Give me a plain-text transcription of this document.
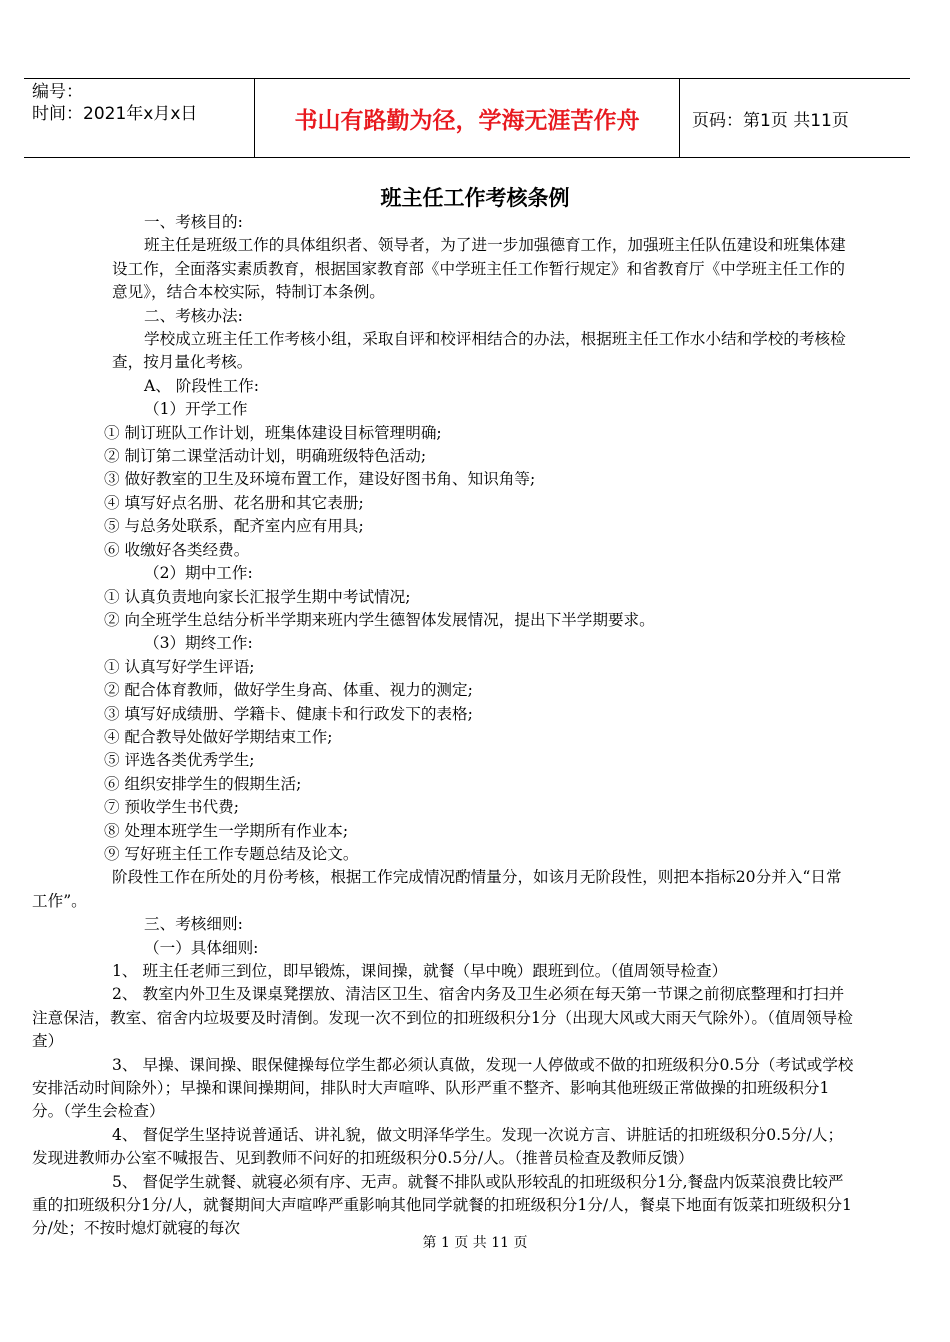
编号：
时间：2021年x月x日	书山有路勤为径，学海无涯苦作舟	页码：第1页 共11页
班主任工作考核条例

一、考核目的:

班主任是班级工作的具体组织者、领导者，为了进一步加强德育工作，加强班主任队伍建设和班集体建设工作，全面落实素质教育，根据国家教育部《中学班主任工作暂行规定》和省教育厅《中学班主任工作的意见》，结合本校实际，特制订本条例。

二、考核办法:

学校成立班主任工作考核小组，采取自评和校评相结合的办法，根据班主任工作水小结和学校的考核检查，按月量化考核。

A、 阶段性工作:

（1）开学工作

① 制订班队工作计划，班集体建设目标管理明确;

② 制订第二课堂活动计划，明确班级特色活动;

③ 做好教室的卫生及环境布置工作，建设好图书角、知识角等;

④ 填写好点名册、花名册和其它表册;

⑤ 与总务处联系，配齐室内应有用具;

⑥ 收缴好各类经费。

（2）期中工作:

① 认真负责地向家长汇报学生期中考试情况;

② 向全班学生总结分析半学期来班内学生德智体发展情况，提出下半学期要求。

（3）期终工作:

① 认真写好学生评语;

② 配合体育教师，做好学生身高、体重、视力的测定;

③ 填写好成绩册、学籍卡、健康卡和行政发下的表格;

④ 配合教导处做好学期结束工作;

⑤ 评选各类优秀学生;

⑥ 组织安排学生的假期生活;

⑦ 预收学生书代费;

⑧ 处理本班学生一学期所有作业本;

⑨ 写好班主任工作专题总结及论文。

阶段性工作在所处的月份考核，根据工作完成情况酌情量分，如该月无阶段性，则把本指标20分并入“日常工作”。

三、考核细则:

（一）具体细则:

1、 班主任老师三到位，即早锻炼，课间操，就餐（早中晚）跟班到位。（值周领导检查）

2、 教室内外卫生及课桌凳摆放、清洁区卫生、宿舍内务及卫生必须在每天第一节课之前彻底整理和打扫并注意保洁，教室、宿舍内垃圾要及时清倒。发现一次不到位的扣班级积分1分（出现大风或大雨天气除外）。（值周领导检查）

3、 早操、课间操、眼保健操每位学生都必须认真做，发现一人停做或不做的扣班级积分0.5分（考试或学校安排活动时间除外）；早操和课间操期间，排队时大声喧哗、队形严重不整齐、影响其他班级正常做操的扣班级积分1分。（学生会检查）

4、 督促学生坚持说普通话、讲礼貌，做文明泽华学生。发现一次说方言、讲脏话的扣班级积分0.5分/人；发现进教师办公室不喊报告、见到教师不问好的扣班级积分0.5分/人。（推普员检查及教师反馈）

5、 督促学生就餐、就寝必须有序、无声。就餐不排队或队形较乱的扣班级积分1分,餐盘内饭菜浪费比较严重的扣班级积分1分/人，就餐期间大声喧哗严重影响其他同学就餐的扣班级积分1分/人，餐桌下地面有饭菜扣班级积分1分/处；不按时熄灯就寝的每次

第 1 页 共 11 页
